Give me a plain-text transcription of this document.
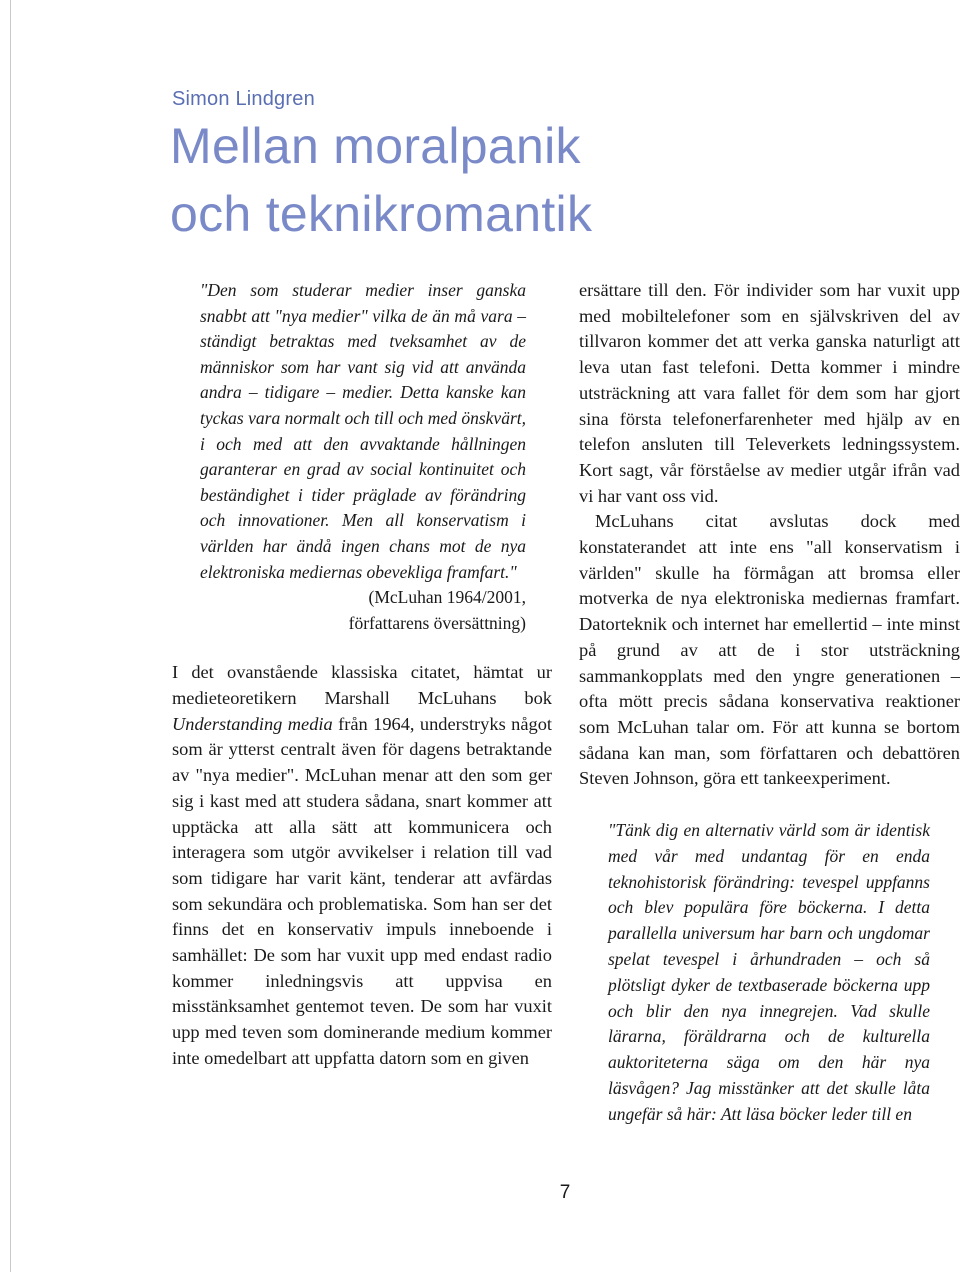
Simon Lindgren
Mellan moralpanik
och teknikromantik

"Den som studerar medier inser ganska snabbt att "nya medier" vilka de än må vara – ständigt betraktas med tveksamhet av de människor som har vant sig vid att använda andra – tidigare – medier. Detta kanske kan tyckas vara normalt och till och med önskvärt, i och med att den avvaktande hållningen garanterar en grad av social kontinuitet och beständighet i tider präglade av förändring och innovationer. Men all konservatism i världen har ändå ingen chans mot de nya elektroniska mediernas obevekliga framfart."

(McLuhan 1964/2001,
författarens översättning)

I det ovanstående klassiska citatet, hämtat ur medieteoretikern Marshall McLuhans bok Understanding media från 1964, understryks något som är ytterst centralt även för dagens betraktande av "nya medier". McLuhan menar att den som ger sig i kast med att studera sådana, snart kommer att upptäcka att alla sätt att kommunicera och interagera som utgör avvikelser i relation till vad som tidigare har varit känt, tenderar att avfärdas som sekundära och problematiska. Som han ser det finns det en konservativ impuls inneboende i samhället: De som har vuxit upp med endast radio kommer inledningsvis att uppvisa en misstänksamhet gentemot teven. De som har vuxit upp med teven som dominerande medium kommer inte omedelbart att uppfatta datorn som en given

ersättare till den. För individer som har vuxit upp med mobiltelefoner som en självskriven del av tillvaron kommer det att verka ganska naturligt att leva utan fast telefoni. Detta kommer i mindre utsträckning att vara fallet för dem som har gjort sina första telefonerfarenheter med hjälp av en telefon ansluten till Televerkets ledningssystem. Kort sagt, vår förståelse av medier utgår ifrån vad vi har vant oss vid.

McLuhans citat avslutas dock med konstaterandet att inte ens "all konservatism i världen" skulle ha förmågan att bromsa eller motverka de nya elektroniska mediernas framfart. Datorteknik och internet har emellertid – inte minst på grund av att de i stor utsträckning sammankopplats med den yngre generationen – ofta mött precis sådana konservativa reaktioner som McLuhan talar om. För att kunna se bortom sådana kan man, som författaren och debattören Steven Johnson, göra ett tankeexperiment.

"Tänk dig en alternativ värld som är identisk med vår med undantag för en enda teknohistorisk förändring: tevespel uppfanns och blev populära före böckerna. I detta parallella universum har barn och ungdomar spelat tevespel i århundraden – och så plötsligt dyker de textbaserade böckerna upp och blir den nya innegrejen. Vad skulle lärarna, föräldrarna och de kulturella auktoriteterna säga om den här nya läsvågen? Jag misstänker att det skulle låta ungefär så här: Att läsa böcker leder till en

7
